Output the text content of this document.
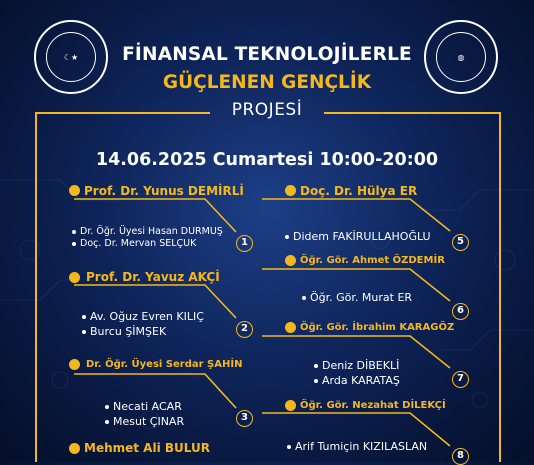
☾★	◍
FİNANSAL TEKNOLOJİLERLE
GÜÇLENEN GENÇLİK
PROJESİ
14.06.2025 Cumartesi 10:00-20:00
Prof. Dr. Yunus DEMİRLİ
Dr. Öğr. Üyesi Hasan DURMUŞ
Doç. Dr. Mervan SELÇUK	1
Prof. Dr. Yavuz AKÇİ
Av. Oğuz Evren KILIÇ
Burcu ŞİMŞEK	2
Dr. Öğr. Üyesi Serdar ŞAHİN
Necati ACAR
Mesut ÇINAR	3
Mehmet Ali BULUR
Doç. Dr. Hülya ER
Didem FAKİRULLAHOĞLU	5
Öğr. Gör. Ahmet ÖZDEMİR
Öğr. Gör. Murat ER
6
Öğr. Gör. İbrahim KARAGÖZ
Deniz DİBEKLİ
Arda KARATAŞ	7
Öğr. Gör. Nezahat DİLEKÇİ
Arif Tumiçin KIZILASLAN
8
